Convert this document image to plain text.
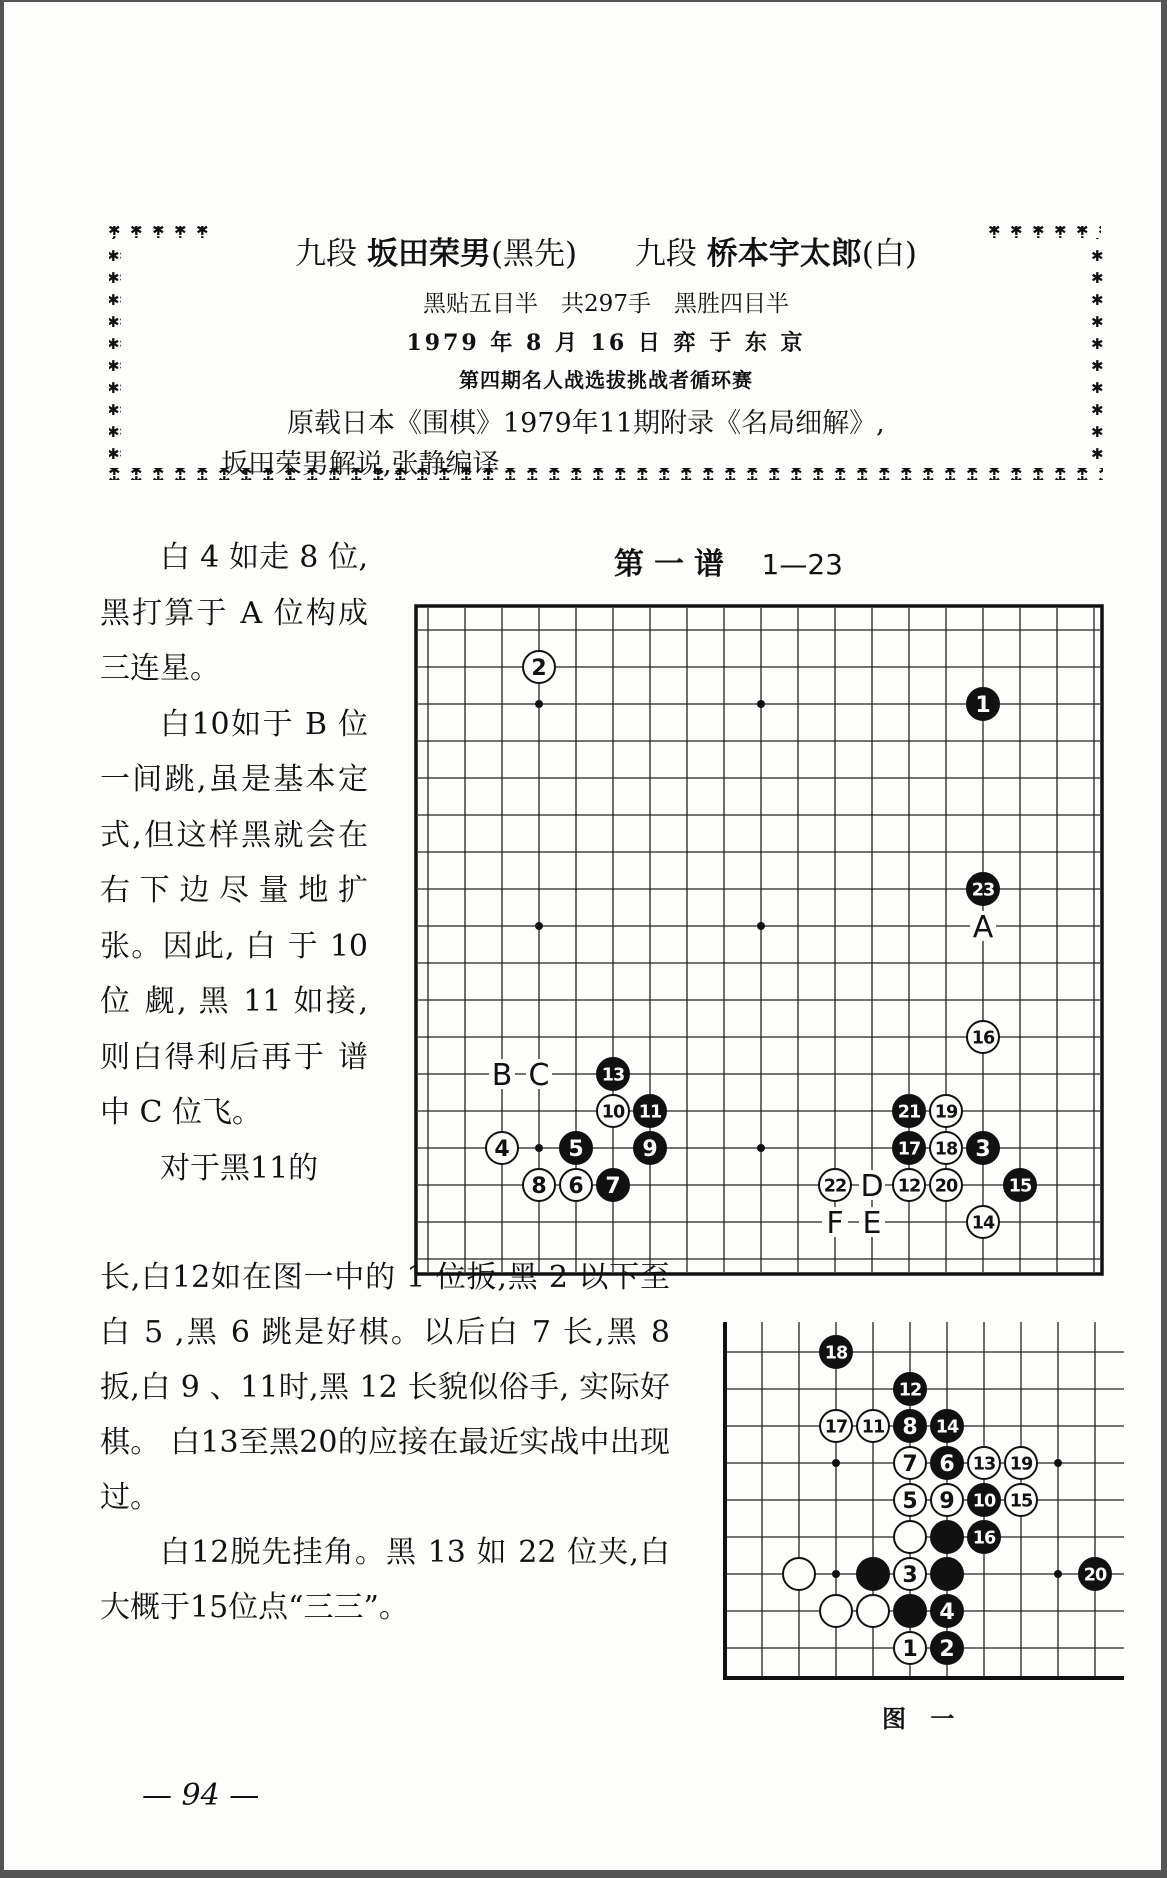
九段 坂田荣男(黑先) 九段 桥本宇太郎(白)
黑贴五目半　共297手　黑胜四目半
1979 年 8 月 16 日 弈 于 东 京
第四期名人战选拔挑战者循环赛
原载日本《围棋》1979年11期附录《名局细解》,
坂田荣男解说,张静编译

白 4 如走 8 位,黑打算于 A 位构成三连星。

白10如于 B 位一间跳,虽是基本定式,但这样黑就会在右下边尽量地扩张。因此, 白 于 10 位 觑, 黑 11 如接,则白得利后再于 谱 中 C 位飞。

对于黑11的

第一谱 1—23
A
B C
D
E
F
1
2
3
4	5
6 7
8
9
10 11
12
13
14
15
16
17 18
19
20
21
22
23

长,白12如在图一中的 1 位扳,黑 2 以下至白 5 ,黑 6 跳是好棋。以后白 7 长,黑 8 扳,白 9 、11时,黑 12 长貌似俗手, 实际好棋。 白13至黑20的应接在最近实战中出现过。

白12脱先挂角。黑 13 如 22 位夹,白大概于15位点“三三”。

1 2
3
4
5
6
7
8
9 10
11
12
13
14
15
16
17
18
19
20
图 一
— 94 —
